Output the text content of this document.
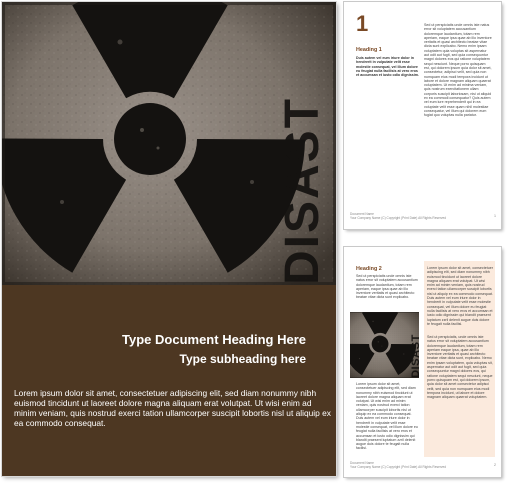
Type Document Heading Here

Type subheading here

Lorem ipsum dolor sit amet, consectetuer adipiscing elit, sed diam nonummy nibh euismod tincidunt ut laoreet dolore magna aliquam erat volutpat. Ut wisi enim ad minim veniam, quis nostrud exerci tation ullamcorper suscipit lobortis nisl ut aliquip ex ea commodo consequat.

1

Heading 1

Duis autem vel eum iriure dolor in hendrerit in vulputate velit esse molestie consequat, vel illum dolore eu feugiat nulla facilisis at vero eros et accumsan et iusto odio dignissim.

Sed ut perspiciatis unde omnis iste natus error sit voluptatem accusantium doloremque laudantium, totam rem aperiam, eaque ipsa quae ab illo inventore veritatis et quasi architecto beatae vitae dicta sunt explicabo. Nemo enim ipsam voluptatem quia voluptas sit aspernatur aut odit aut fugit, sed quia consequuntur magni dolores eos qui ratione voluptatem sequi nesciunt. Neque porro quisquam est, qui dolorem ipsum quia dolor sit amet, consectetur, adipisci velit, sed quia non numquam eius modi tempora incidunt ut labore et dolore magnam aliquam quaerat voluptatem. Ut enim ad minima veniam, quis nostrum exercitationem ullam corporis suscipit laboriosam, nisi ut aliquid ex ea commodi consequatur? Quis autem vel eum iure reprehenderit qui in ea voluptate velit esse quam nihil molestiae consequatur, vel illum qui dolorem eum fugiat quo voluptas nulla pariatur.

Document Name

Your Company Name (C) Copyright (Print Date) All Rights Reserved	1

Heading 2

Sed ut perspiciatis unde omnis iste natus error sit voluptatem accusantium doloremque laudantium, totam rem aperiam, eaque ipsa quae ab illo inventore veritatis et quasi architecto beatae vitae dicta sunt explicabo.

Lorem ipsum dolor sit amet, consectetuer adipiscing elit, sed diam nonummy nibh euismod tincidunt ut laoreet dolore magna aliquam erat volutpat. Ut wisi enim ad minim veniam, quis nostrud exerci tation ullamcorper suscipit lobortis nisl ut aliquip ex ea commodo consequat. Duis autem vel eum iriure dolor in hendrerit in vulputate velit esse molestie consequat, vel illum dolore eu feugiat nulla facilisis at vero eros et accumsan et iusto odio dignissim qui blandit praesent luptatum zzril delenit augue duis dolore te feugait nulla facilisi.

Lorem ipsum dolor sit amet, consectetuer adipiscing elit, sed diam nonummy nibh euismod tincidunt ut laoreet dolore magna aliquam erat volutpat. Ut wisi enim ad minim veniam, quis nostrud exerci tation ullamcorper suscipit lobortis nisl ut aliquip ex ea commodo consequat. Duis autem vel eum iriure dolor in hendrerit in vulputate velit esse molestie consequat, vel illum dolore eu feugiat nulla facilisis at vero eros et accumsan et iusto odio dignissim qui blandit praesent luptatum zzril delenit augue duis dolore te feugait nulla facilisi.

Sed ut perspiciatis, unde omnis iste natus error sit voluptatem accusantium doloremque laudantium, totam rem aperiam eaque ipsa, quae ab illo inventore veritatis et quasi architecto beatae vitae dicta sunt, explicabo. Nemo enim ipsam voluptatem, quia voluptas sit, aspernatur aut odit aut fugit, sed quia consequuntur magni dolores eos, qui ratione voluptatem sequi nesciunt, neque porro quisquam est, qui dolorem ipsum, quia dolor sit amet consectetur adipisci velit, sed quia non numquam eius modi tempora incidunt, ut labore et dolore magnam aliquam quaerat voluptatem.

Document Name

Your Company Name (C) Copyright (Print Date) All Rights Reserved	2
